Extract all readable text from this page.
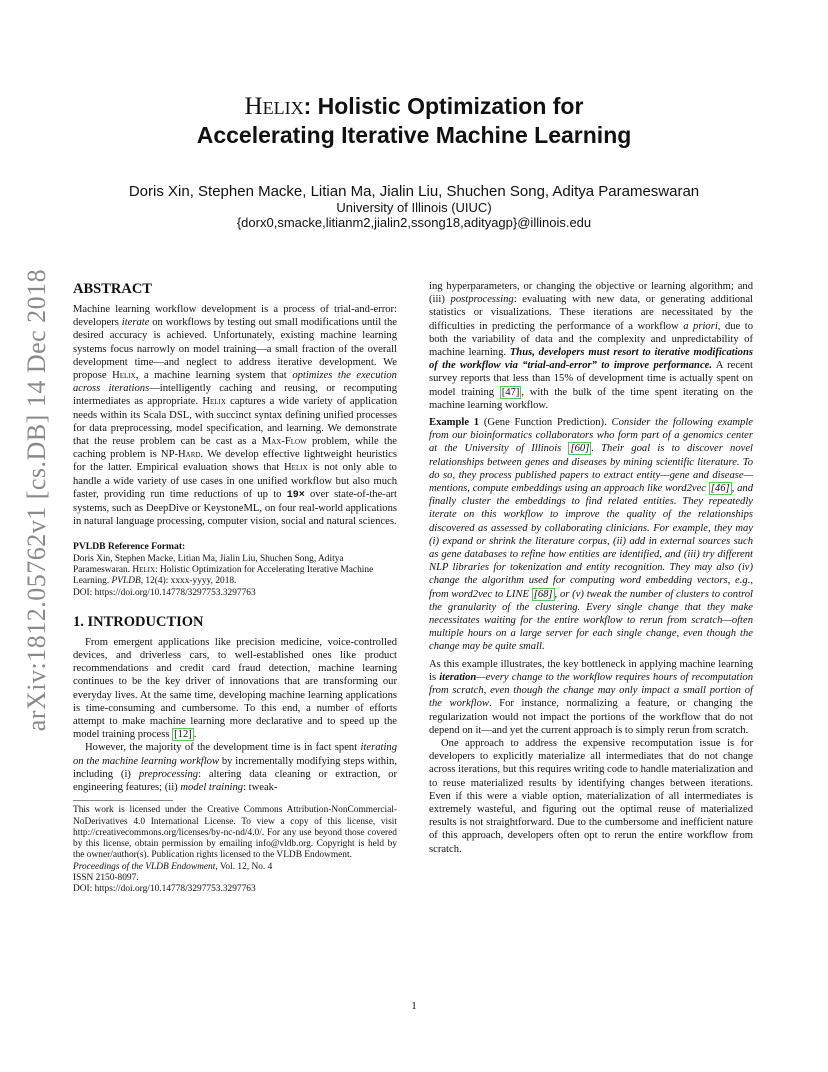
arXiv:1812.05762v1 [cs.DB] 14 Dec 2018
Helix: Holistic Optimization for
Accelerating Iterative Machine Learning
Doris Xin, Stephen Macke, Litian Ma, Jialin Liu, Shuchen Song, Aditya Parameswaran
University of Illinois (UIUC)
{dorx0,smacke,litianm2,jialin2,ssong18,adityagp}@illinois.edu
ABSTRACT

Machine learning workflow development is a process of trial-and-error: developers iterate on workflows by testing out small modifications until the desired accuracy is achieved. Unfortunately, existing machine learning systems focus narrowly on model training—a small fraction of the overall development time—and neglect to address iterative development. We propose Helix, a machine learning system that optimizes the execution across iterations—intelligently caching and reusing, or recomputing intermediates as appropriate. Helix captures a wide variety of application needs within its Scala DSL, with succinct syntax defining unified processes for data preprocessing, model specification, and learning. We demonstrate that the reuse problem can be cast as a Max-Flow problem, while the caching problem is NP-Hard. We develop effective lightweight heuristics for the latter. Empirical evaluation shows that Helix is not only able to handle a wide variety of use cases in one unified workflow but also much faster, providing run time reductions of up to 19× over state-of-the-art systems, such as DeepDive or KeystoneML, on four real-world applications in natural language processing, computer vision, social and natural sciences.

PVLDB Reference Format:

Doris Xin, Stephen Macke, Litian Ma, Jialin Liu, Shuchen Song, Aditya Parameswaran. Helix: Holistic Optimization for Accelerating Iterative Machine Learning. PVLDB, 12(4): xxxx-yyyy, 2018.
DOI: https://doi.org/10.14778/3297753.3297763

1. INTRODUCTION

From emergent applications like precision medicine, voice-controlled devices, and driverless cars, to well-established ones like product recommendations and credit card fraud detection, machine learning continues to be the key driver of innovations that are transforming our everyday lives. At the same time, developing machine learning applications is time-consuming and cumbersome. To this end, a number of efforts attempt to make machine learning more declarative and to speed up the model training process [12] .

However, the majority of the development time is in fact spent iterating on the machine learning workflow by incrementally modifying steps within, including (i) preprocessing: altering data cleaning or extraction, or engineering features; (ii) model training: tweak-

This work is licensed under the Creative Commons Attribution-NonCommercial-NoDerivatives 4.0 International License. To view a copy of this license, visit http://creativecommons.org/licenses/by-nc-nd/4.0/. For any use beyond those covered by this license, obtain permission by emailing info@vldb.org. Copyright is held by the owner/author(s). Publication rights licensed to the VLDB Endowment.

Proceedings of the VLDB Endowment, Vol. 12, No. 4
ISSN 2150-8097.
DOI: https://doi.org/10.14778/3297753.3297763

ing hyperparameters, or changing the objective or learning algorithm; and (iii) postprocessing: evaluating with new data, or generating additional statistics or visualizations. These iterations are necessitated by the difficulties in predicting the performance of a workflow a priori, due to both the variability of data and the complexity and unpredictability of machine learning. Thus, developers must resort to iterative modifications of the workflow via “trial-and-error” to improve performance. A recent survey reports that less than 15% of development time is actually spent on model training [47] , with the bulk of the time spent iterating on the machine learning workflow.

Example 1 (Gene Function Prediction). Consider the following example from our bioinformatics collaborators who form part of a genomics center at the University of Illinois [60] . Their goal is to discover novel relationships between genes and diseases by mining scientific literature. To do so, they process published papers to extract entity—gene and disease—mentions, compute embeddings using an approach like word2vec [46] , and finally cluster the embeddings to find related entities. They repeatedly iterate on this workflow to improve the quality of the relationships discovered as assessed by collaborating clinicians. For example, they may (i) expand or shrink the literature corpus, (ii) add in external sources such as gene databases to refine how entities are identified, and (iii) try different NLP libraries for tokenization and entity recognition. They may also (iv) change the algorithm used for computing word embedding vectors, e.g., from word2vec to LINE [68] , or (v) tweak the number of clusters to control the granularity of the clustering. Every single change that they make necessitates waiting for the entire workflow to rerun from scratch—often multiple hours on a large server for each single change, even though the change may be quite small.

As this example illustrates, the key bottleneck in applying machine learning is iteration—every change to the workflow requires hours of recomputation from scratch, even though the change may only impact a small portion of the workflow. For instance, normalizing a feature, or changing the regularization would not impact the portions of the workflow that do not depend on it—and yet the current approach is to simply rerun from scratch.

One approach to address the expensive recomputation issue is for developers to explicitly materialize all intermediates that do not change across iterations, but this requires writing code to handle materialization and to reuse materialized results by identifying changes between iterations. Even if this were a viable option, materialization of all intermediates is extremely wasteful, and figuring out the optimal reuse of materialized results is not straightforward. Due to the cumbersome and inefficient nature of this approach, developers often opt to rerun the entire workflow from scratch.

1
